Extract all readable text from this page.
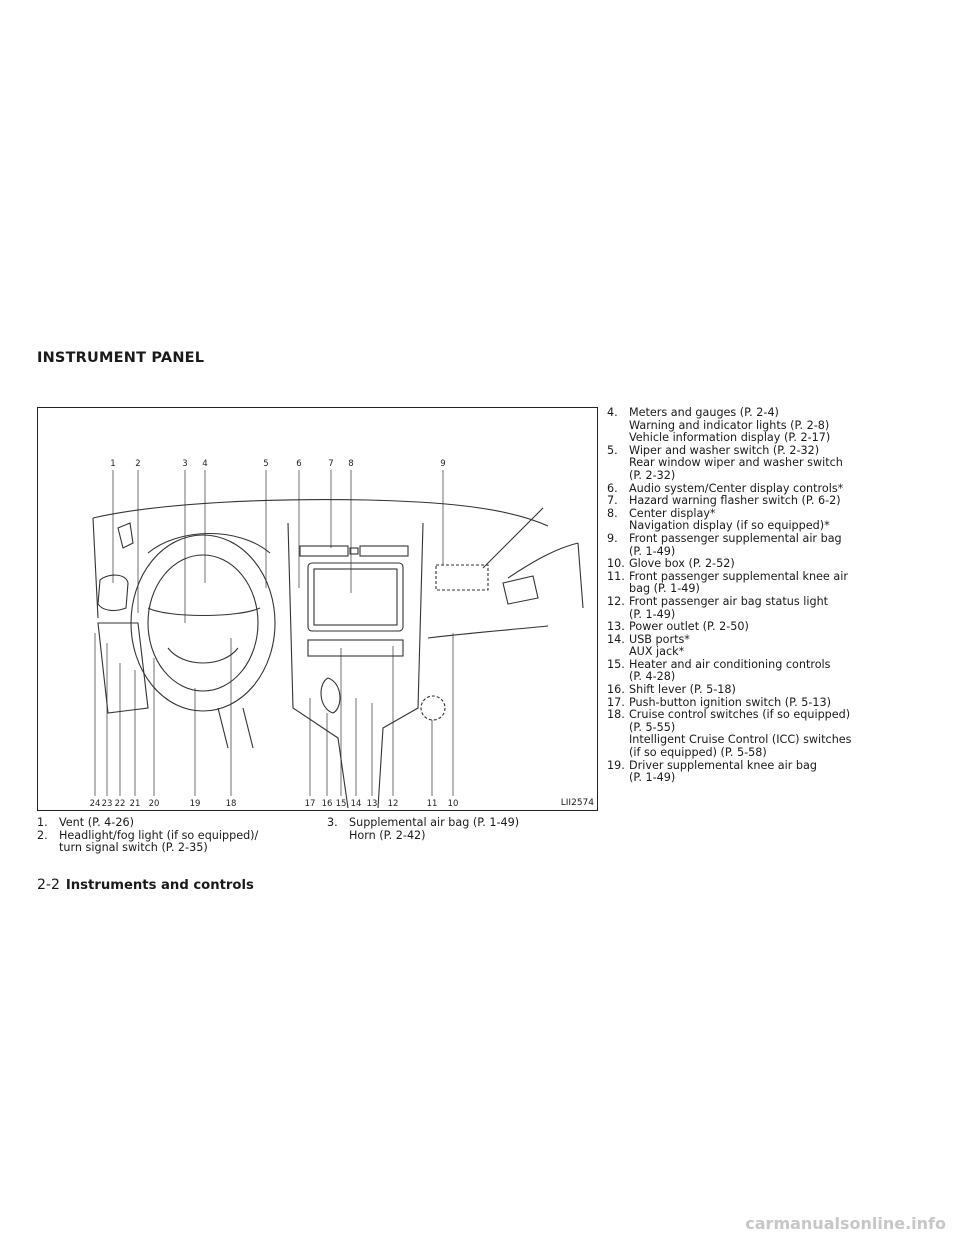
INSTRUMENT PANEL
1 2	3 4	5	6	7 8	9
24 23 22 21 20	19	18	17 16 15 14 13 12	11 10	LII2574
1.	Vent (P. 4-26)
2.	Headlight/fog light (if so equipped)/
turn signal switch (P. 2-35)
3.	Supplemental air bag (P. 1-49)
Horn (P. 2-42)
4.	Meters and gauges (P. 2-4)
Warning and indicator lights (P. 2-8)
Vehicle information display (P. 2-17)
5.	Wiper and washer switch (P. 2-32)
Rear window wiper and washer switch
(P. 2-32)
6.	Audio system/Center display controls*
7.	Hazard warning flasher switch (P. 6-2)
8.	Center display*
Navigation display (if so equipped)*
9.	Front passenger supplemental air bag
(P. 1-49)
10. Glove box (P. 2-52)
11. Front passenger supplemental knee air
bag (P. 1-49)
12. Front passenger air bag status light
(P. 1-49)
13. Power outlet (P. 2-50)
14. USB ports*
AUX jack*
15. Heater and air conditioning controls
(P. 4-28)
16. Shift lever (P. 5-18)
17. Push-button ignition switch (P. 5-13)
18. Cruise control switches (if so equipped)
(P. 5-55)
Intelligent Cruise Control (ICC) switches
(if so equipped) (P. 5-58)
19. Driver supplemental knee air bag
(P. 1-49)
2-2 Instruments and controls
carmanualsonline.info
